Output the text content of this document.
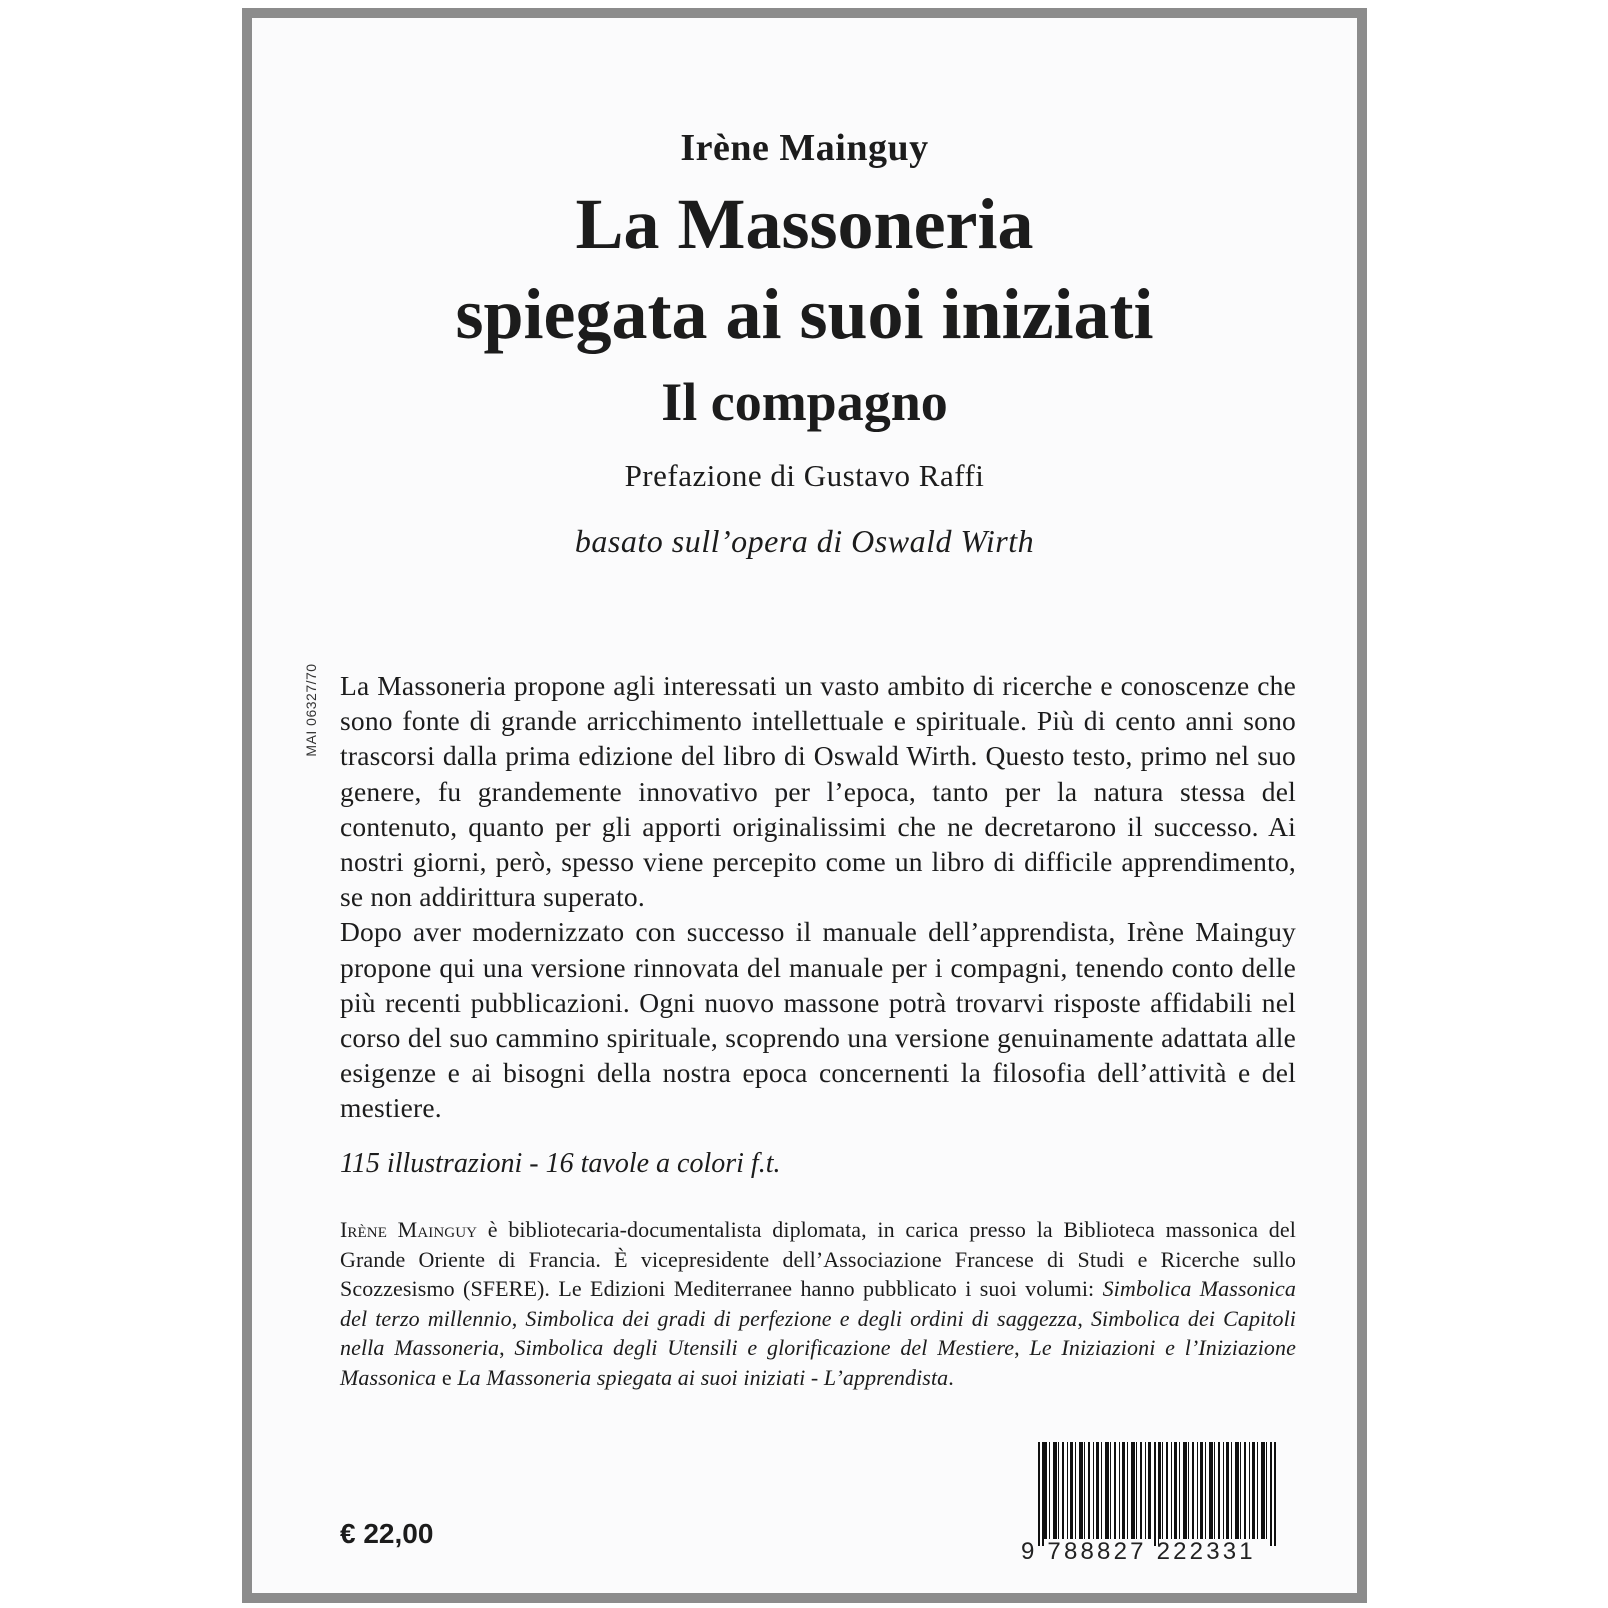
Irène Mainguy
La Massoneria
spiegata ai suoi iniziati
Il compagno
Prefazione di Gustavo Raffi
basato sull’opera di Oswald Wirth
MAI 06327/70 La Massoneria propone agli interessati un vasto ambito di ricerche e conoscenze che sono fonte di grande arricchimento intellettuale e spirituale. Più di cento anni sono trascorsi dalla prima edizione del libro di Oswald Wirth. Questo testo, primo nel suo genere, fu grandemente innovativo per l’epoca, tanto per la natura stessa del contenuto, quanto per gli apporti originalissimi che ne decretarono il successo. Ai nostri giorni, però, spesso viene percepito come un libro di difficile apprendimento, se non addirittura superato.

Dopo aver modernizzato con successo il manuale dell’apprendista, Irène Mainguy propone qui una versione rinnovata del manuale per i compagni, tenendo conto delle più recenti pubblicazioni. Ogni nuovo massone potrà trovarvi risposte affidabili nel corso del suo cammino spirituale, scoprendo una versione genuinamente adattata alle esigenze e ai bisogni della nostra epoca concernenti la filosofia dell’attività e del mestiere.

115 illustrazioni - 16 tavole a colori f.t.
Irène Mainguy è bibliotecaria-documentalista diplomata, in carica presso la Biblioteca massonica del Grande Oriente di Francia. È vicepresidente dell’Associazione Francese di Studi e Ricerche sullo Scozzesismo (SFERE). Le Edizioni Mediterranee hanno pubblicato i suoi volumi: Simbolica Massonica del terzo millennio, Simbolica dei gradi di perfezione e degli ordini di saggezza, Simbolica dei Capitoli nella Massoneria, Simbolica degli Utensili e glorificazione del Mestiere, Le Iniziazioni e l’Iniziazione Massonica e La Massoneria spiegata ai suoi iniziati - L’apprendista.
€ 22,00
9 788827 222331
